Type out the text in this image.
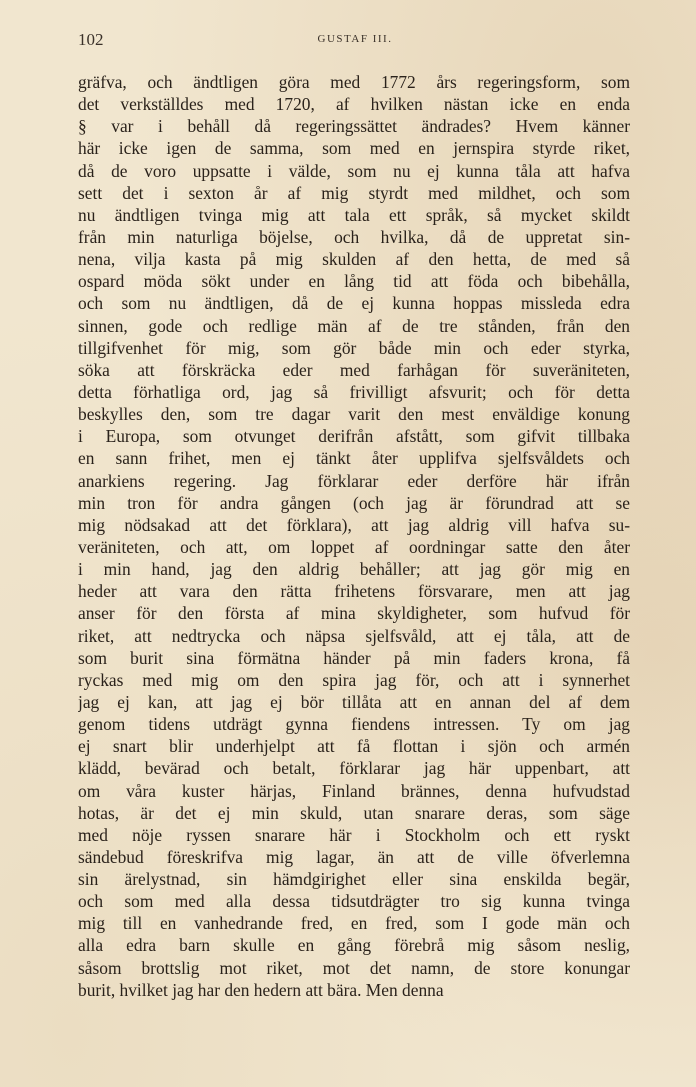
102	GUSTAF III.
gräfva, och ändtligen göra med 1772 års regeringsform, som
det verkställdes med 1720, af hvilken nästan icke en enda
§ var i behåll då regeringssättet ändrades? Hvem känner
här icke igen de samma, som med en jernspira styrde riket,
då de voro uppsatte i välde, som nu ej kunna tåla att hafva
sett det i sexton år af mig styrdt med mildhet, och som
nu ändtligen tvinga mig att tala ett språk, så mycket skildt
från min naturliga böjelse, och hvilka, då de uppretat sin-
nena, vilja kasta på mig skulden af den hetta, de med så
ospard möda sökt under en lång tid att föda och bibehålla,
och som nu ändtligen, då de ej kunna hoppas missleda edra
sinnen, gode och redlige män af de tre stånden, från den
tillgifvenhet för mig, som gör både min och eder styrka,
söka att förskräcka eder med farhågan för suveräniteten,
detta förhatliga ord, jag så frivilligt afsvurit; och för detta
beskylles den, som tre dagar varit den mest enväldige konung
i Europa, som otvunget derifrån afstått, som gifvit tillbaka
en sann frihet, men ej tänkt åter upplifva sjelfsvåldets och
anarkiens regering. Jag förklarar eder derföre här ifrån
min tron för andra gången (och jag är förundrad att se
mig nödsakad att det förklara), att jag aldrig vill hafva su-
veräniteten, och att, om loppet af oordningar satte den åter
i min hand, jag den aldrig behåller; att jag gör mig en
heder att vara den rätta frihetens försvarare, men att jag
anser för den första af mina skyldigheter, som hufvud för
riket, att nedtrycka och näpsa sjelfsvåld, att ej tåla, att de
som burit sina förmätna händer på min faders krona, få
ryckas med mig om den spira jag för, och att i synnerhet
jag ej kan, att jag ej bör tillåta att en annan del af dem
genom tidens utdrägt gynna fiendens intressen. Ty om jag
ej snart blir underhjelpt att få flottan i sjön och armén
klädd, bevärad och betalt, förklarar jag här uppenbart, att
om våra kuster härjas, Finland brännes, denna hufvudstad
hotas, är det ej min skuld, utan snarare deras, som säge
med nöje ryssen snarare här i Stockholm och ett ryskt
sändebud föreskrifva mig lagar, än att de ville öfverlemna
sin ärelystnad, sin hämdgirighet eller sina enskilda begär,
och som med alla dessa tidsutdrägter tro sig kunna tvinga
mig till en vanhedrande fred, en fred, som I gode män och
alla edra barn skulle en gång förebrå mig såsom neslig,
såsom brottslig mot riket, mot det namn, de store konungar
burit, hvilket jag har den hedern att bära. Men denna
